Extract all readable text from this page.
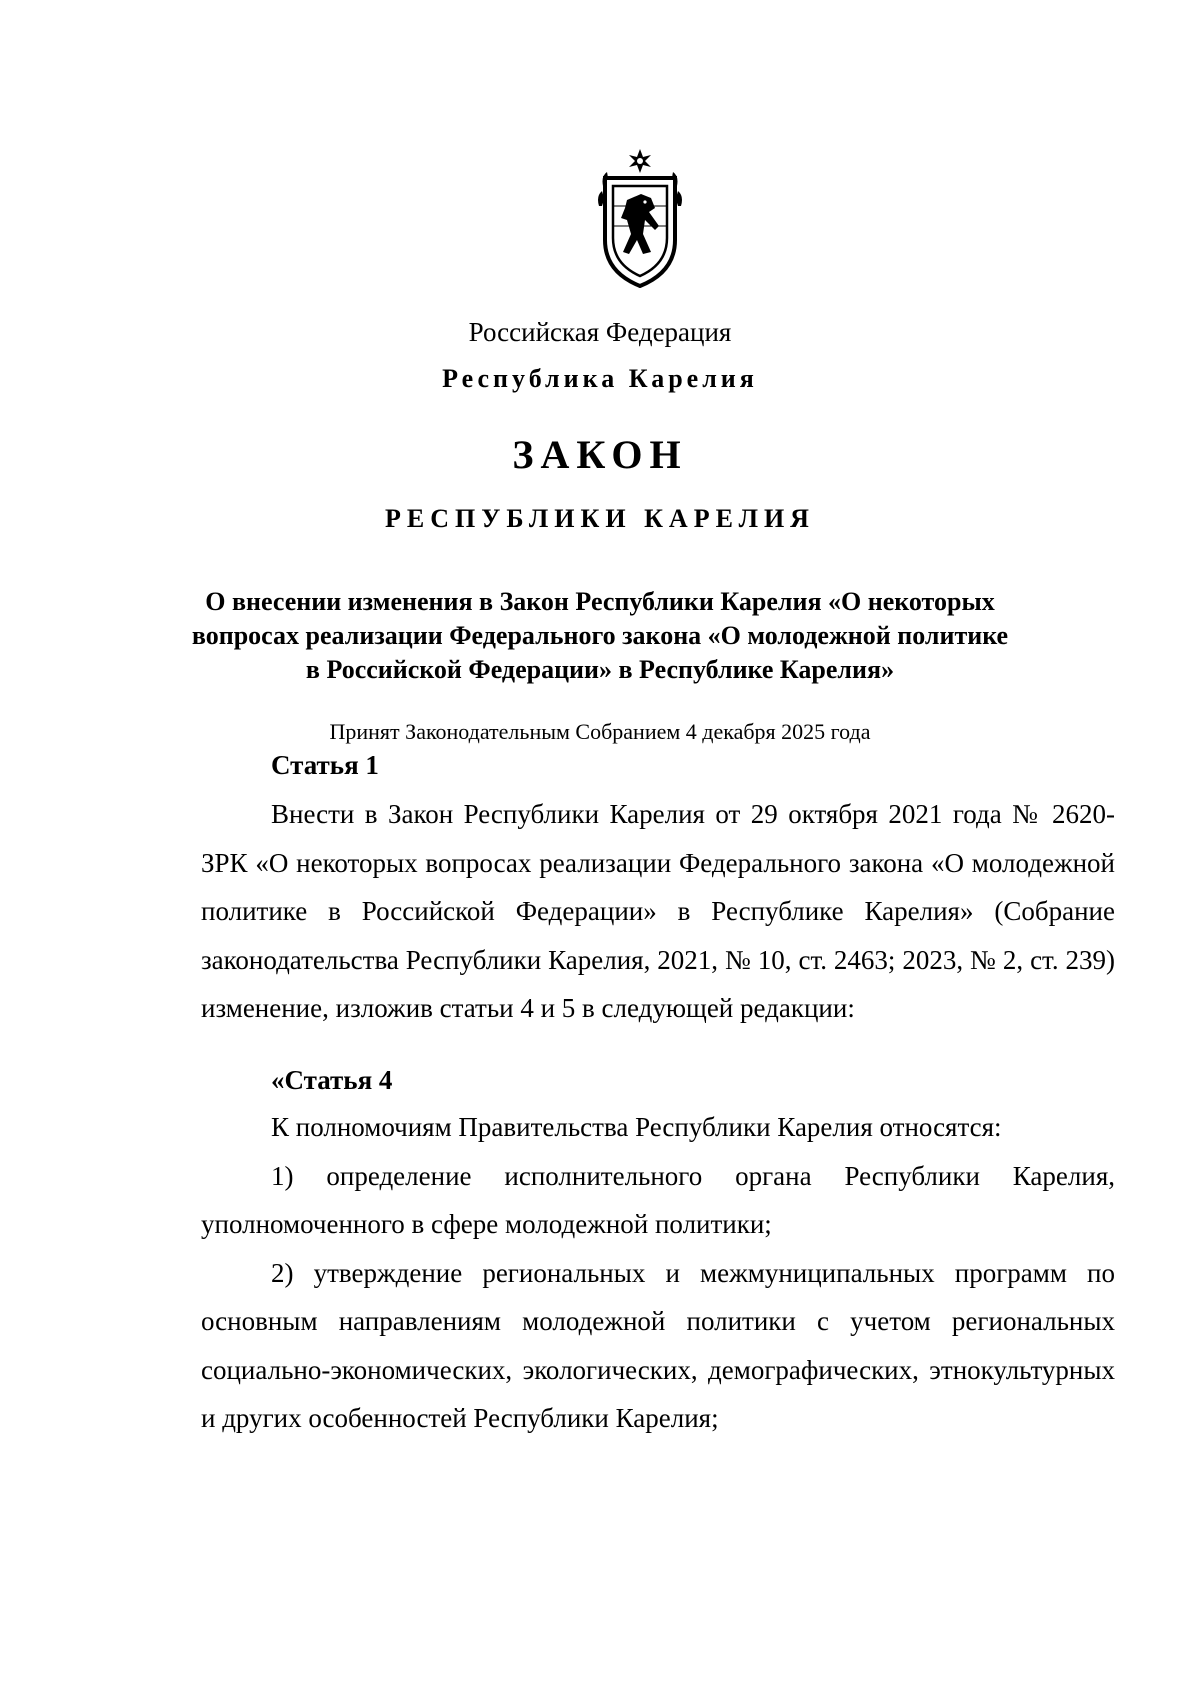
Российская Федерация
Республика Карелия
ЗАКОН
РЕСПУБЛИКИ КАРЕЛИЯ
О внесении изменения в Закон Республики Карелия «О некоторых
вопросах реализации Федерального закона «О молодежной политике
в Российской Федерации» в Республике Карелия»
Принят Законодательным Собранием 4 декабря 2025 года
Статья 1

Внести в Закон Республики Карелия от 29 октября 2021 года № 2620-ЗРК «О некоторых вопросах реализации Федерального закона «О молодежной политике в Российской Федерации» в Республике Карелия» (Собрание законодательства Республики Карелия, 2021, № 10, ст. 2463; 2023, № 2, ст. 239) изменение, изложив статьи 4 и 5 в следующей редакции:

«Статья 4
К полномочиям Правительства Республики Карелия относятся:

1) определение исполнительного органа Республики Карелия, уполномоченного в сфере молодежной политики;

2) утверждение региональных и межмуниципальных программ по основным направлениям молодежной политики с учетом региональных социально-экономических, экологических, демографических, этнокультурных и других особенностей Республики Карелия;
